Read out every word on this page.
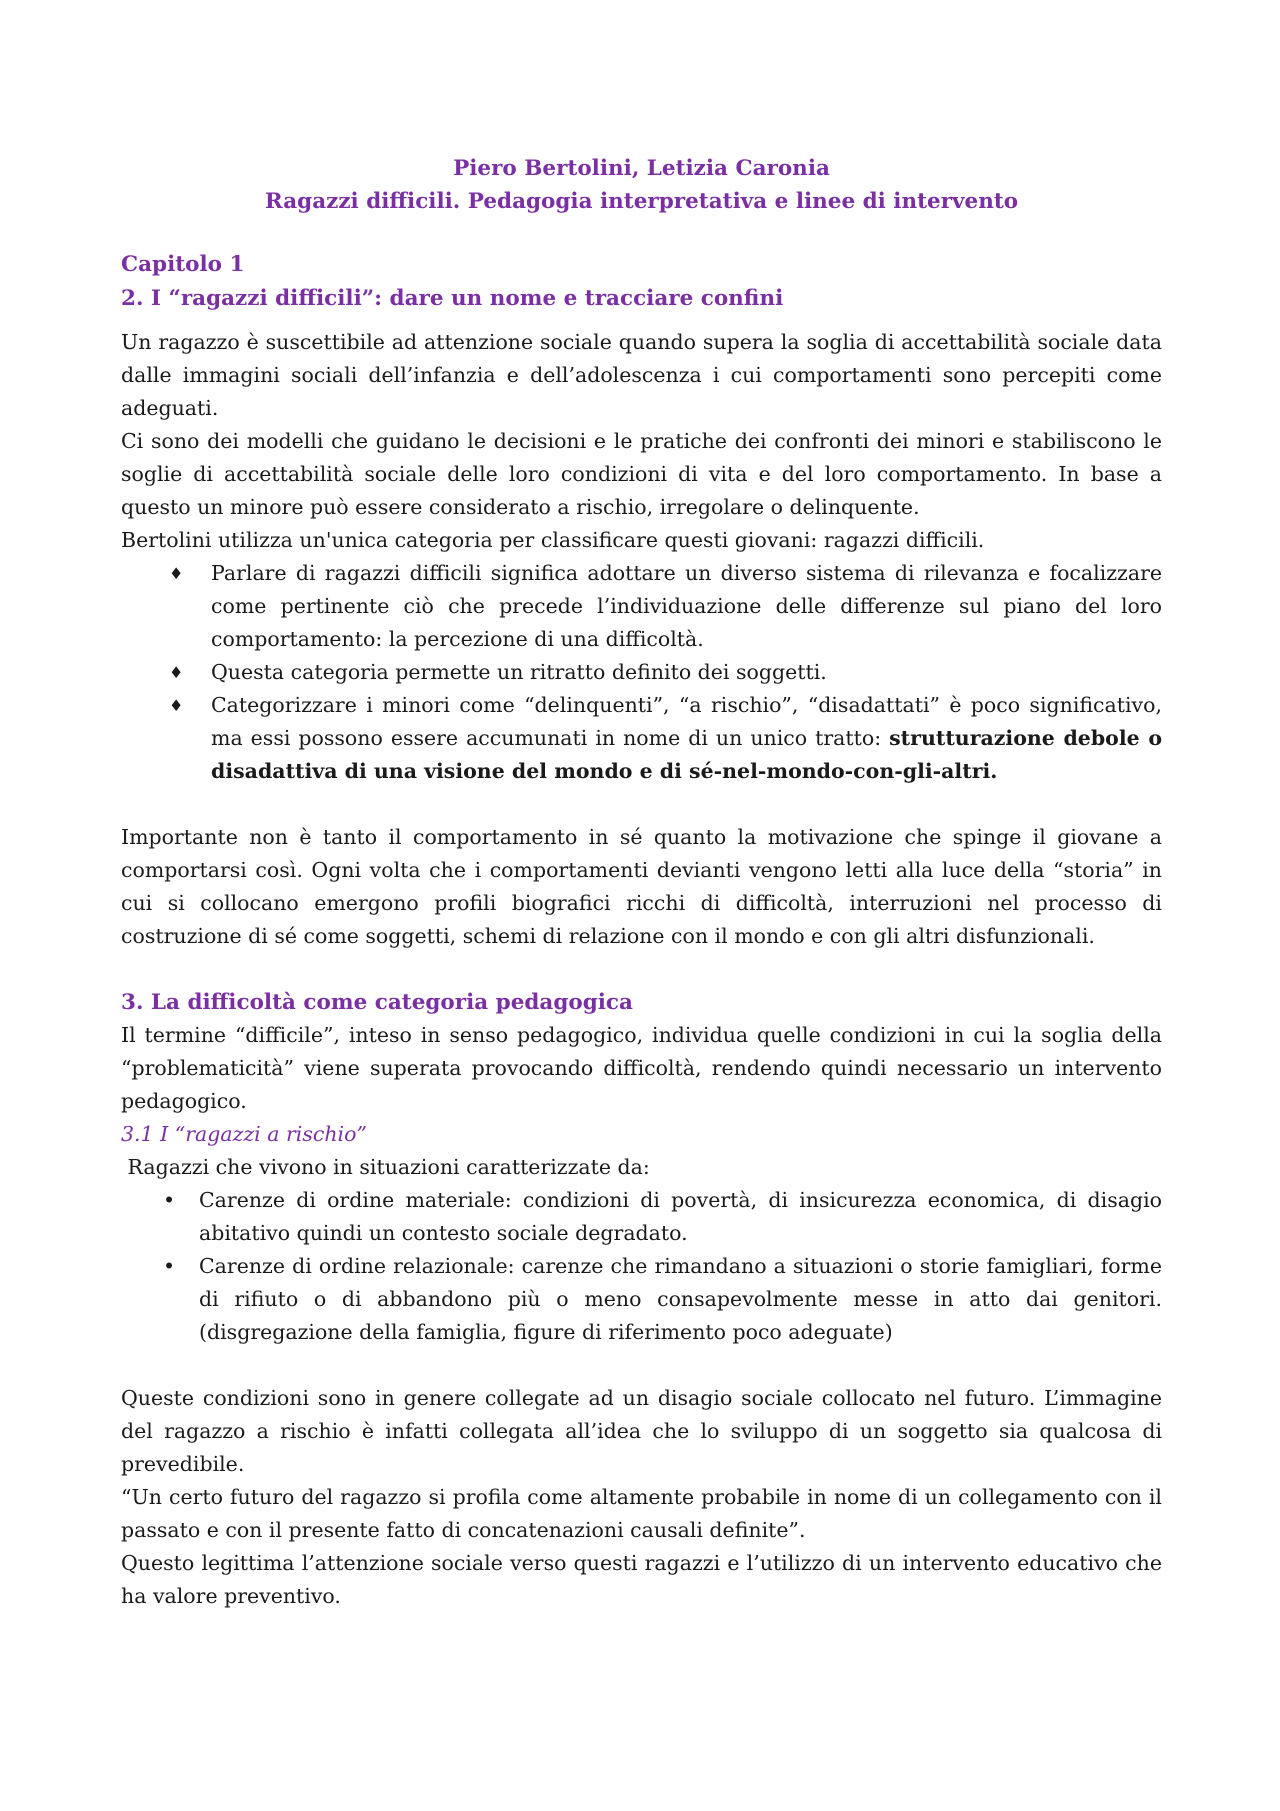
Piero Bertolini, Letizia Caronia
Ragazzi difficili. Pedagogia interpretativa e linee di intervento
Capitolo 1
2. I “ragazzi difficili”: dare un nome e tracciare confini

Un ragazzo è suscettibile ad attenzione sociale quando supera la soglia di accettabilità sociale data dalle immagini sociali dell’infanzia e dell’adolescenza i cui comportamenti sono percepiti come adeguati.

Ci sono dei modelli che guidano le decisioni e le pratiche dei confronti dei minori e stabiliscono le soglie di accettabilità sociale delle loro condizioni di vita e del loro comportamento. In base a questo un minore può essere considerato a rischio, irregolare o delinquente.

Bertolini utilizza un'unica categoria per classificare questi giovani: ragazzi difficili.

♦ Parlare di ragazzi difficili significa adottare un diverso sistema di rilevanza e focalizzare come pertinente ciò che precede l’individuazione delle differenze sul piano del loro comportamento: la percezione di una difficoltà.
♦ Questa categoria permette un ritratto definito dei soggetti.
♦ Categorizzare i minori come “delinquenti”, “a rischio”, “disadattati” è poco significativo, ma essi possono essere accumunati in nome di un unico tratto: strutturazione debole o disadattiva di una visione del mondo e di sé-nel-mondo-con-gli-altri.

Importante non è tanto il comportamento in sé quanto la motivazione che spinge il giovane a comportarsi così. Ogni volta che i comportamenti devianti vengono letti alla luce della “storia” in cui si collocano emergono profili biografici ricchi di difficoltà, interruzioni nel processo di costruzione di sé come soggetti, schemi di relazione con il mondo e con gli altri disfunzionali.

3. La difficoltà come categoria pedagogica

Il termine “difficile”, inteso in senso pedagogico, individua quelle condizioni in cui la soglia della “problematicità” viene superata provocando difficoltà, rendendo quindi necessario un intervento pedagogico.

3.1 I “ragazzi a rischio”

Ragazzi che vivono in situazioni caratterizzate da:

• Carenze di ordine materiale: condizioni di povertà, di insicurezza economica, di disagio abitativo quindi un contesto sociale degradato.
• Carenze di ordine relazionale: carenze che rimandano a situazioni o storie famigliari, forme di rifiuto o di abbandono più o meno consapevolmente messe in atto dai genitori. (disgregazione della famiglia, figure di riferimento poco adeguate)

Queste condizioni sono in genere collegate ad un disagio sociale collocato nel futuro. L’immagine del ragazzo a rischio è infatti collegata all’idea che lo sviluppo di un soggetto sia qualcosa di prevedibile.

“Un certo futuro del ragazzo si profila come altamente probabile in nome di un collegamento con il passato e con il presente fatto di concatenazioni causali definite”.

Questo legittima l’attenzione sociale verso questi ragazzi e l’utilizzo di un intervento educativo che ha valore preventivo.
